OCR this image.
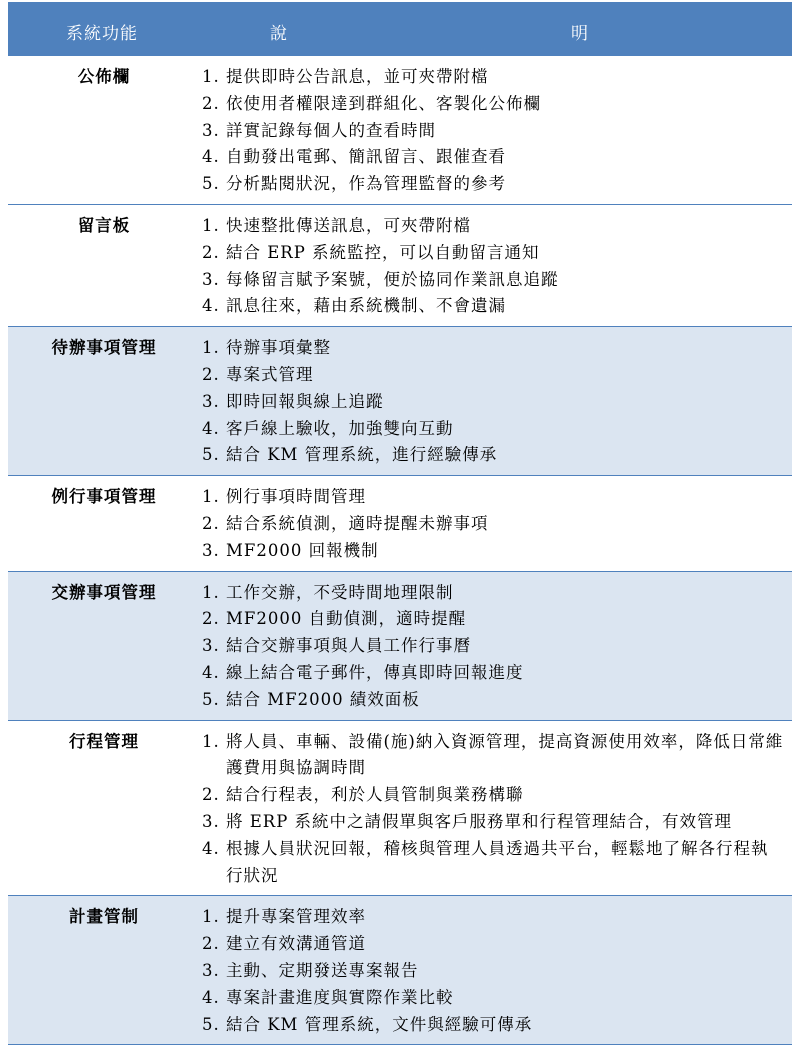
系統功能	說	明
公佈欄	1. 提供即時公告訊息，並可夾帶附檔

2. 依使用者權限達到群組化、客製化公佈欄

3. 詳實記錄每個人的查看時間

4. 自動發出電郵、簡訊留言、跟催查看

5. 分析點閱狀況，作為管理監督的參考

留言板	1. 快速整批傳送訊息，可夾帶附檔

2. 結合 ERP 系統監控，可以自動留言通知

3. 每條留言賦予案號，便於協同作業訊息追蹤

4. 訊息往來，藉由系統機制、不會遺漏

待辦事項管理	1. 待辦事項彙整

2. 專案式管理

3. 即時回報與線上追蹤

4. 客戶線上驗收，加強雙向互動

5. 結合 KM 管理系統，進行經驗傳承

例行事項管理	1. 例行事項時間管理

2. 結合系統偵測，適時提醒未辦事項

3. MF2000 回報機制

交辦事項管理	1. 工作交辦，不受時間地理限制

2. MF2000 自動偵測，適時提醒

3. 結合交辦事項與人員工作行事曆

4. 線上結合電子郵件，傳真即時回報進度

5. 結合 MF2000 績效面板

行程管理	1. 將人員、車輛、設備(施)納入資源管理，提高資源使用效率，降低日常維護費用與協調時間

2. 結合行程表，利於人員管制與業務構聯

3. 將 ERP 系統中之請假單與客戶服務單和行程管理結合，有效管理

4. 根據人員狀況回報，稽核與管理人員透過共平台，輕鬆地了解各行程執行狀況

計畫管制	1. 提升專案管理效率

2. 建立有效溝通管道

3. 主動、定期發送專案報告

4. 專案計畫進度與實際作業比較

5. 結合 KM 管理系統，文件與經驗可傳承
